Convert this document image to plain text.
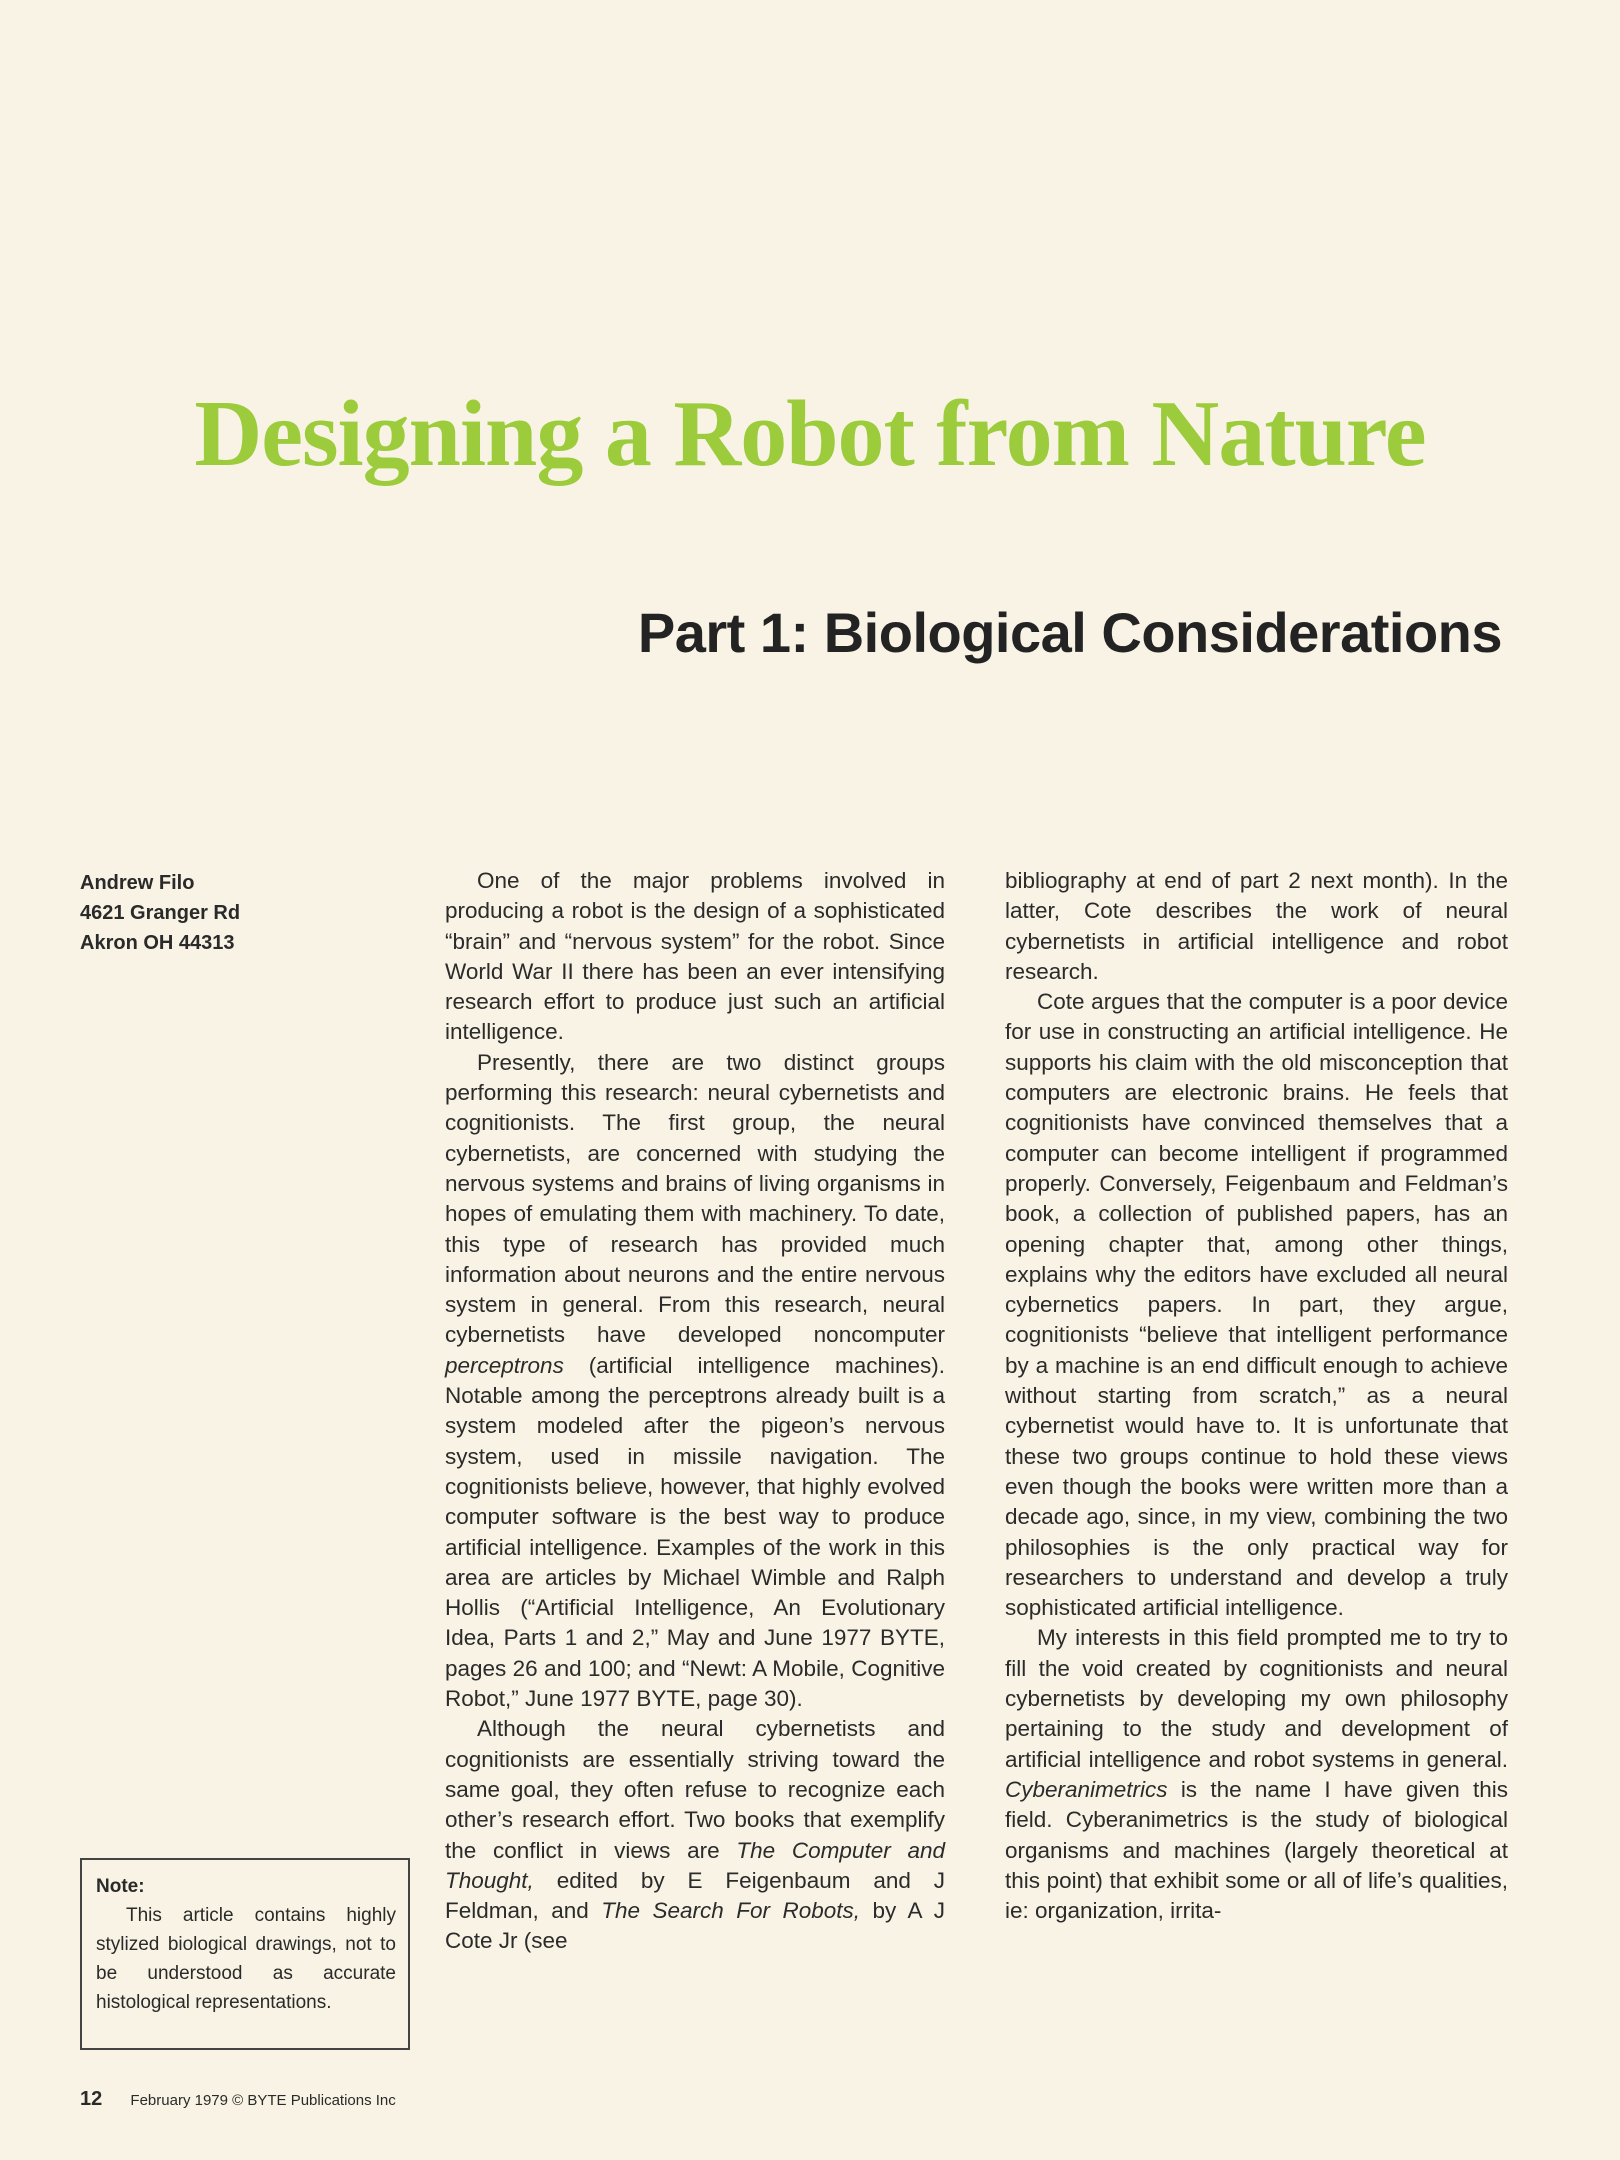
Designing a Robot from Nature
Part 1: Biological Considerations
Andrew Filo
4621 Granger Rd
Akron OH 44313

One of the major problems involved in producing a robot is the design of a sophisticated “brain” and “nervous system” for the robot. Since World War II there has been an ever intensifying research effort to produce just such an artificial intelligence.

Presently, there are two distinct groups performing this research: neural cybernetists and cognitionists. The first group, the neural cybernetists, are concerned with studying the nervous systems and brains of living organisms in hopes of emulating them with machinery. To date, this type of research has provided much information about neurons and the entire nervous system in general. From this research, neural cybernetists have developed noncomputer perceptrons (artificial intelligence machines). Notable among the perceptrons already built is a system modeled after the pigeon’s nervous system, used in missile navigation. The cognitionists believe, however, that highly evolved computer software is the best way to produce artificial intelligence. Examples of the work in this area are articles by Michael Wimble and Ralph Hollis (“Artificial Intelligence, An Evolutionary Idea, Parts 1 and 2,” May and June 1977 BYTE, pages 26 and 100; and “Newt: A Mobile, Cognitive Robot,” June 1977 BYTE, page 30).

Although the neural cybernetists and cognitionists are essentially striving toward the same goal, they often refuse to recognize each other’s research effort. Two books that exemplify the conflict in views are The Computer and Thought, edited by E Feigenbaum and J Feldman, and The Search For Robots, by A J Cote Jr (see

bibliography at end of part 2 next month). In the latter, Cote describes the work of neural cybernetists in artificial intelligence and robot research.

Cote argues that the computer is a poor device for use in constructing an artificial intelligence. He supports his claim with the old misconception that computers are electronic brains. He feels that cognitionists have convinced themselves that a computer can become intelligent if programmed properly. Conversely, Feigenbaum and Feldman’s book, a collection of published papers, has an opening chapter that, among other things, explains why the editors have excluded all neural cybernetics papers. In part, they argue, cognitionists “believe that intelligent performance by a machine is an end difficult enough to achieve without starting from scratch,” as a neural cybernetist would have to. It is unfortunate that these two groups continue to hold these views even though the books were written more than a decade ago, since, in my view, combining the two philosophies is the only practical way for researchers to understand and develop a truly sophisticated artificial intelligence.

My interests in this field prompted me to try to fill the void created by cognitionists and neural cybernetists by developing my own philosophy pertaining to the study and development of artificial intelligence and robot systems in general. Cyberanimetrics is the name I have given this field. Cyberanimetrics is the study of biological organisms and machines (largely theoretical at this point) that exhibit some or all of life’s qualities, ie: organization, irrita-

Note:
This article contains highly stylized biological drawings, not to be understood as accurate histological representations.
12 February 1979 © BYTE Publications Inc
